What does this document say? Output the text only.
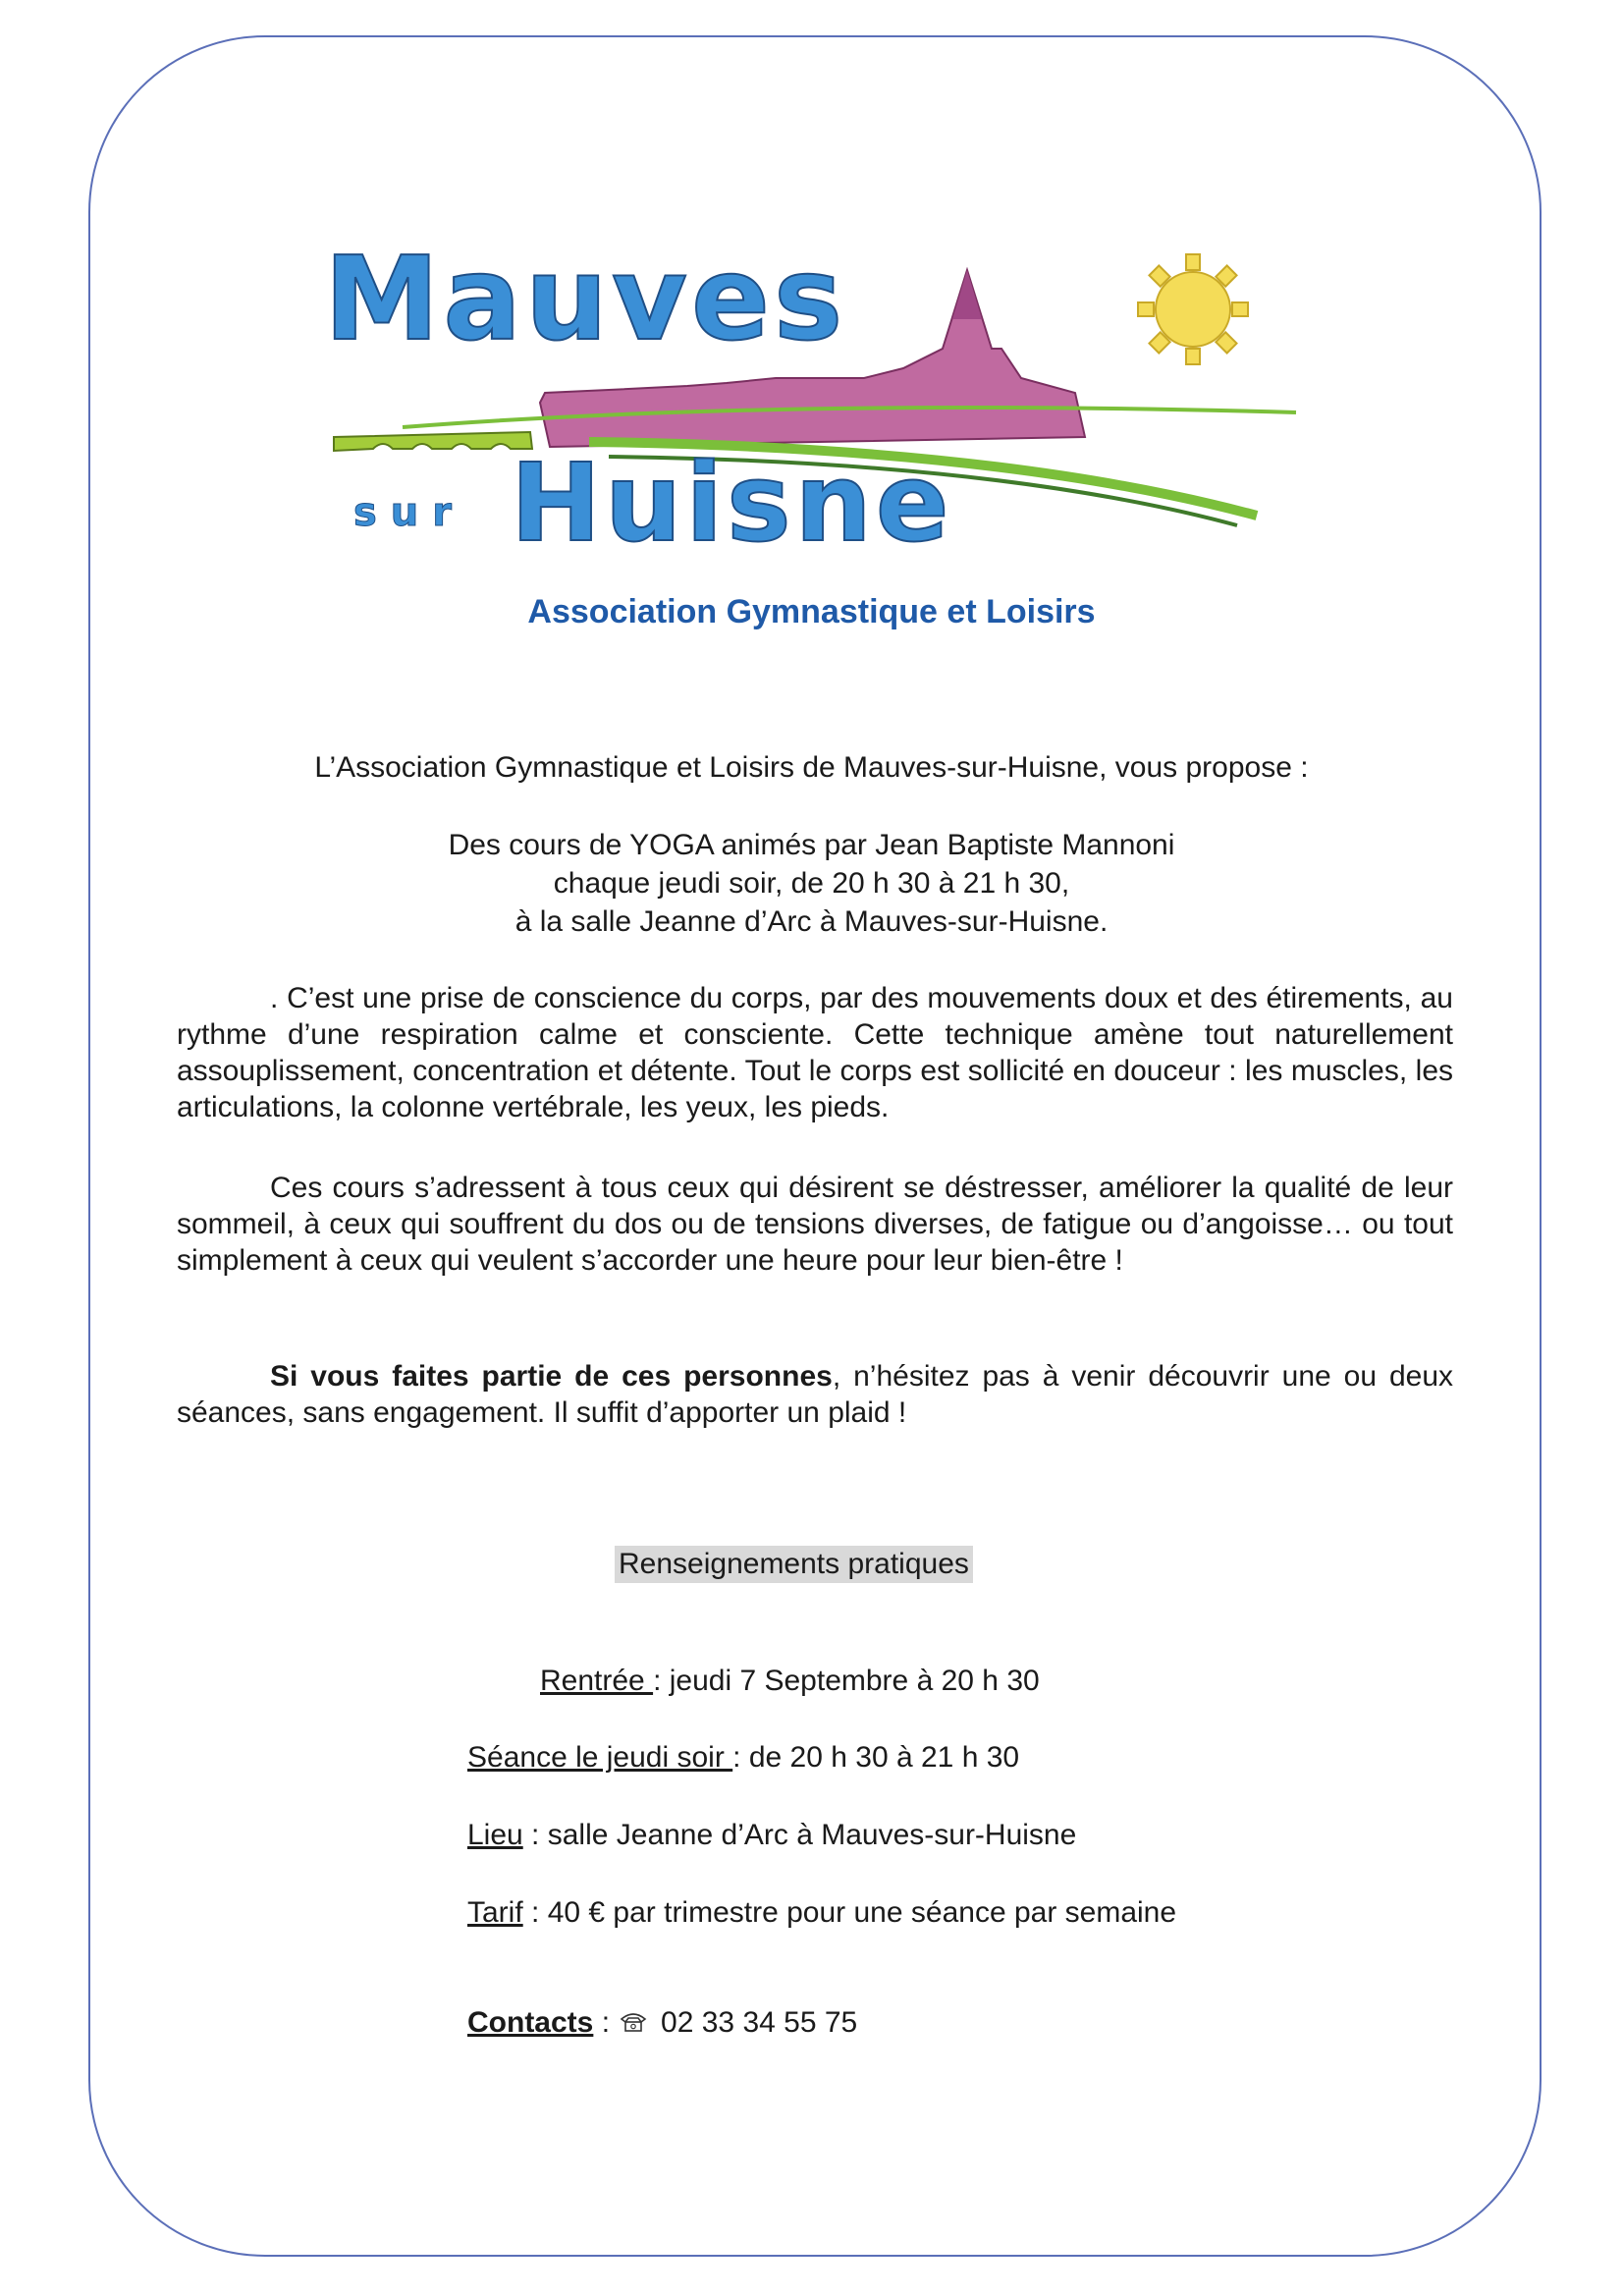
Mauves
sur Huisne
Association Gymnastique et Loisirs
L’Association Gymnastique et Loisirs de Mauves-sur-Huisne, vous propose :
Des cours de YOGA animés par Jean Baptiste Mannoni
chaque jeudi soir, de 20 h 30 à 21 h 30,
à la salle Jeanne d’Arc à Mauves-sur-Huisne.
. C’est une prise de conscience du corps, par des mouvements doux et des étirements, au rythme d’une respiration calme et consciente. Cette technique amène tout naturellement assouplissement, concentration et détente. Tout le corps est sollicité en douceur : les muscles, les articulations, la colonne vertébrale, les yeux, les pieds.
Ces cours s’adressent à tous ceux qui désirent se déstresser, améliorer la qualité de leur sommeil, à ceux qui souffrent du dos ou de tensions diverses, de fatigue ou d’angoisse… ou tout simplement à ceux qui veulent s’accorder une heure pour leur bien-être !
Si vous faites partie de ces personnes, n’hésitez pas à venir découvrir une ou deux séances, sans engagement. Il suffit d’apporter un plaid !
Renseignements pratiques
Rentrée : jeudi 7 Septembre à 20 h 30
Séance le jeudi soir : de 20 h 30 à 21 h 30
Lieu : salle Jeanne d’Arc à Mauves-sur-Huisne
Tarif : 40 € par trimestre pour une séance par semaine
Contacts : 02 33 34 55 75
